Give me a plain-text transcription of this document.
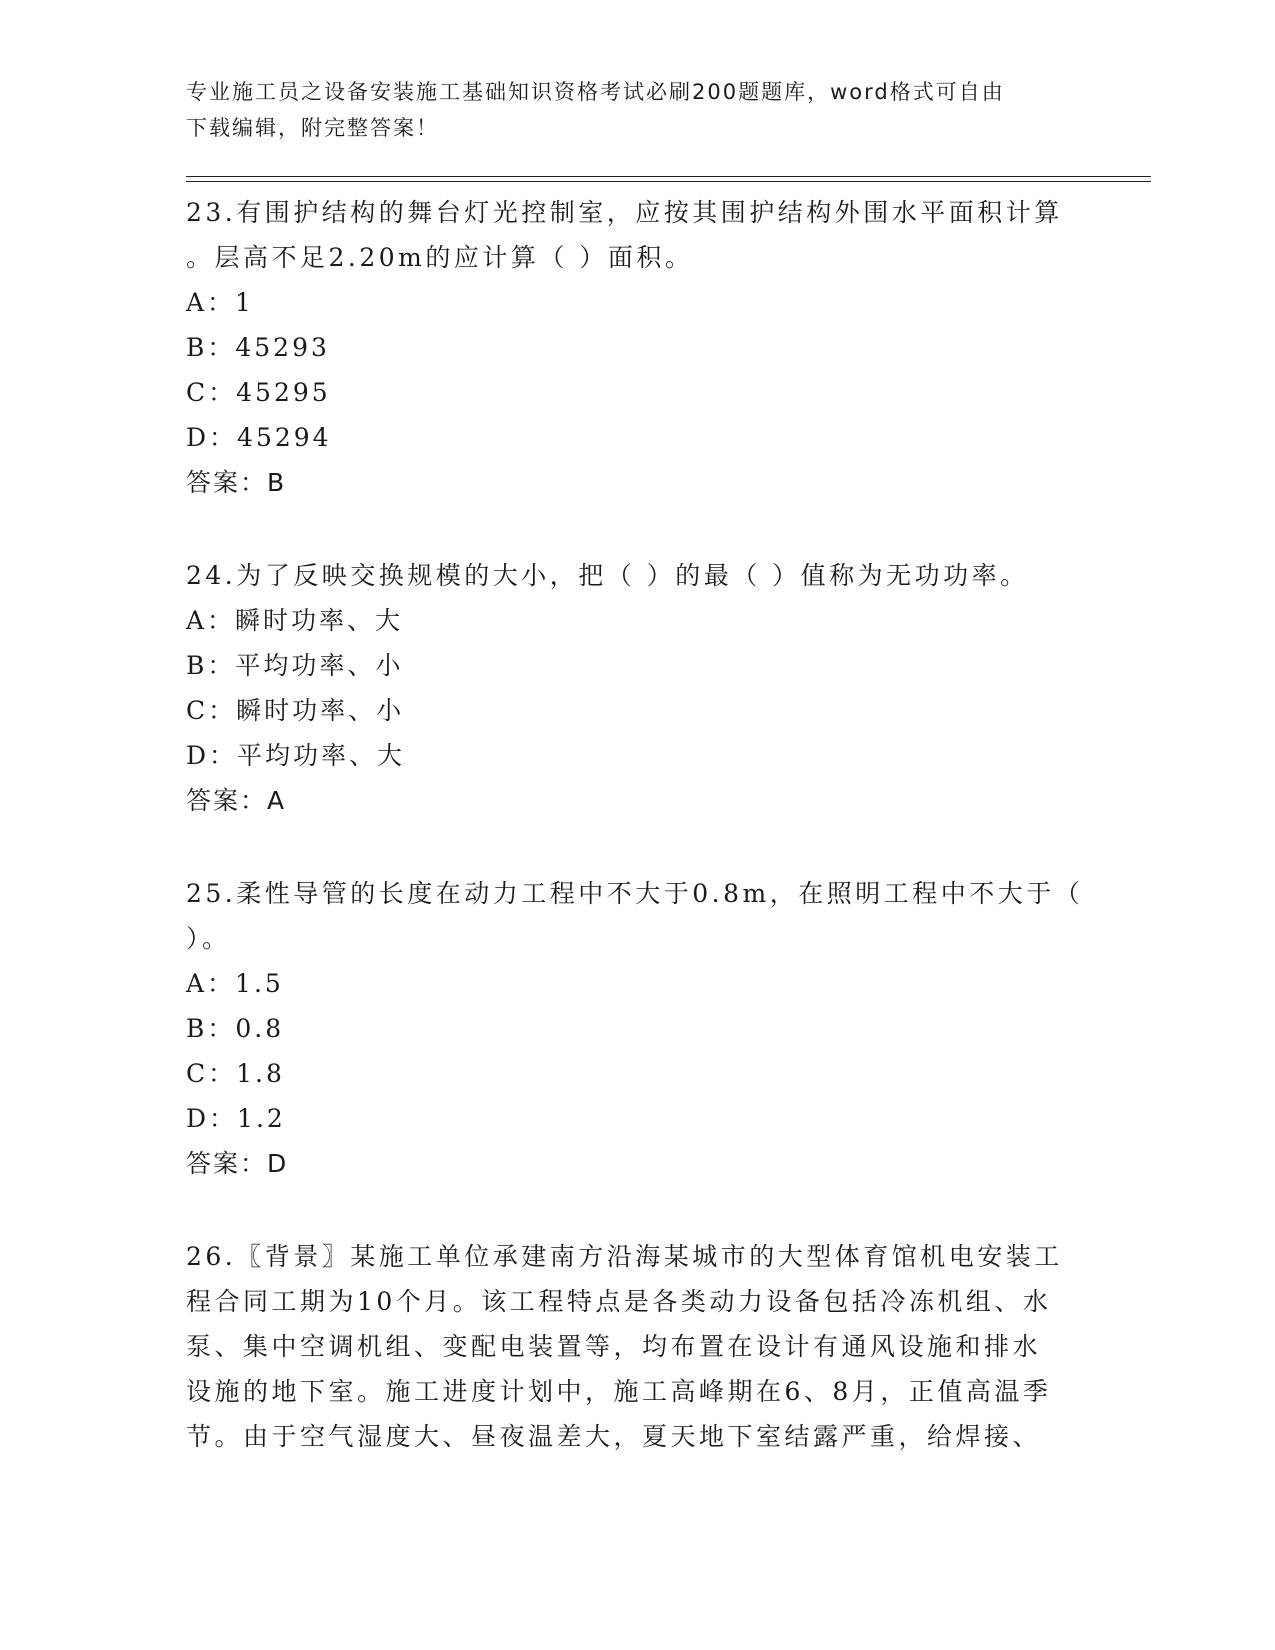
专业施工员之设备安装施工基础知识资格考试必刷200题题库，word格式可自由
下载编辑，附完整答案！
23.有围护结构的舞台灯光控制室，应按其围护结构外围水平面积计算
。层高不足2.20m的应计算（ ）面积。
A：1
B：45293
C：45295
D：45294
答案：B
24.为了反映交换规模的大小，把（ ）的最（ ）值称为无功功率。
A：瞬时功率、大
B：平均功率、小
C：瞬时功率、小
D：平均功率、大
答案：A
25.柔性导管的长度在动力工程中不大于0.8m，在照明工程中不大于（
）。
A：1.5
B：0.8
C：1.8
D：1.2
答案：D
26.〖背景〗某施工单位承建南方沿海某城市的大型体育馆机电安装工
程合同工期为10个月。该工程特点是各类动力设备包括冷冻机组、水
泵、集中空调机组、变配电装置等，均布置在设计有通风设施和排水
设施的地下室。施工进度计划中，施工高峰期在6、8月，正值高温季
节。由于空气湿度大、昼夜温差大，夏天地下室结露严重，给焊接、
